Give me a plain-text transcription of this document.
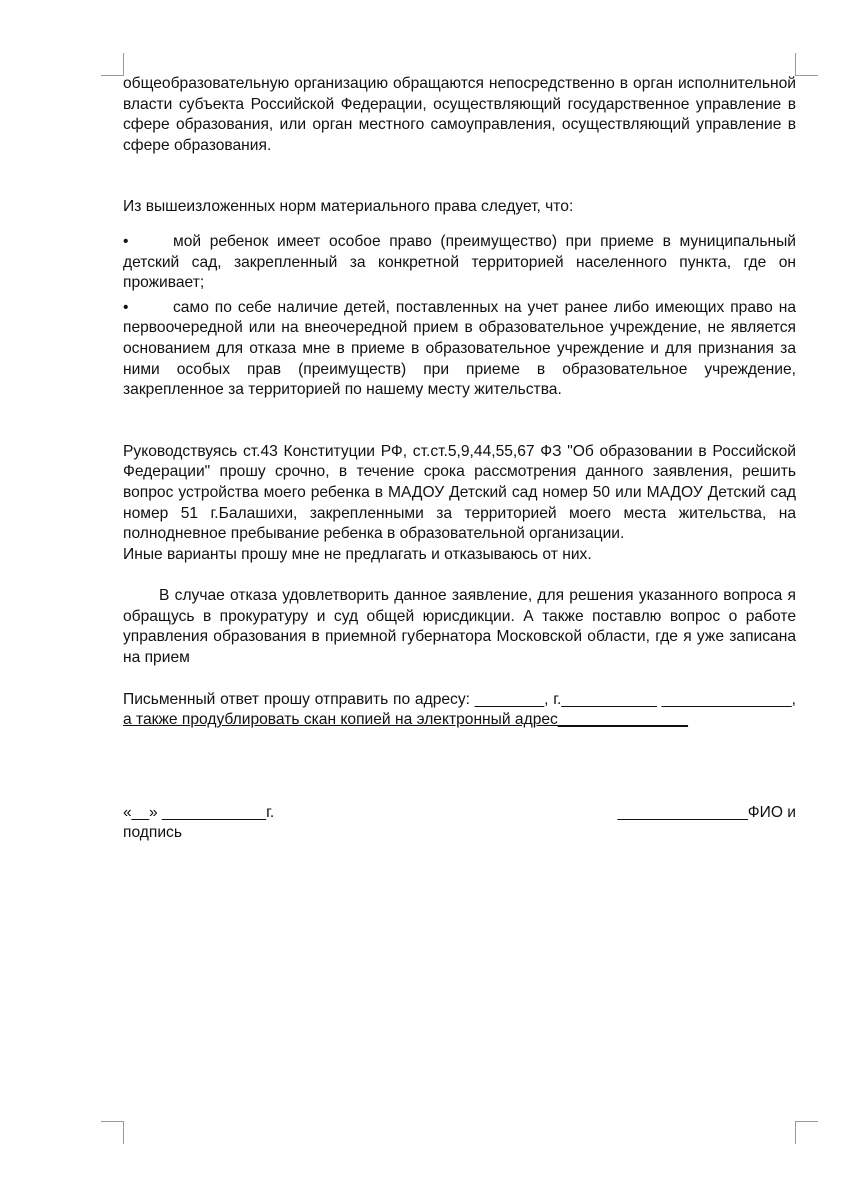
общеобразовательную организацию обращаются непосредственно в орган исполнительной власти субъекта Российской Федерации, осуществляющий государственное управление в сфере образования, или орган местного самоуправления, осуществляющий управление в сфере образования.

Из вышеизложенных норм материального права следует, что:

•	мой ребенок имеет особое право (преимущество) при приеме в муниципальный детский сад, закрепленный за конкретной территорией населенного пункта, где он проживает;

•	само по себе наличие детей, поставленных на учет ранее либо имеющих право на первоочередной или на внеочередной прием в образовательное учреждение, не является основанием для отказа мне в приеме в образовательное учреждение и для признания за ними особых прав (преимуществ) при приеме в образовательное учреждение, закрепленное за территорией по нашему месту жительства.

Руководствуясь ст.43 Конституции РФ, ст.ст.5,9,44,55,67 ФЗ "Об образовании в Российской Федерации" прошу срочно, в течение срока рассмотрения данного заявления, решить вопрос устройства моего ребенка в МАДОУ Детский сад номер 50 или МАДОУ Детский сад номер 51 г.Балашихи, закрепленными за территорией моего места жительства, на полнодневное пребывание ребенка в образовательной организации.

Иные варианты прошу мне не предлагать и отказываюсь от них.

В случае отказа удовлетворить данное заявление, для решения указанного вопроса я обращусь в прокуратуру и суд общей юрисдикции. А также поставлю вопрос о работе управления образования в приемной губернатора Московской области, где я уже записана на прием

Письменный ответ прошу отправить по адресу: ________, г.___________ _______________, а также продублировать скан копией на электронный адрес_______________

«__» ____________г.	_______________ФИО и

подпись
